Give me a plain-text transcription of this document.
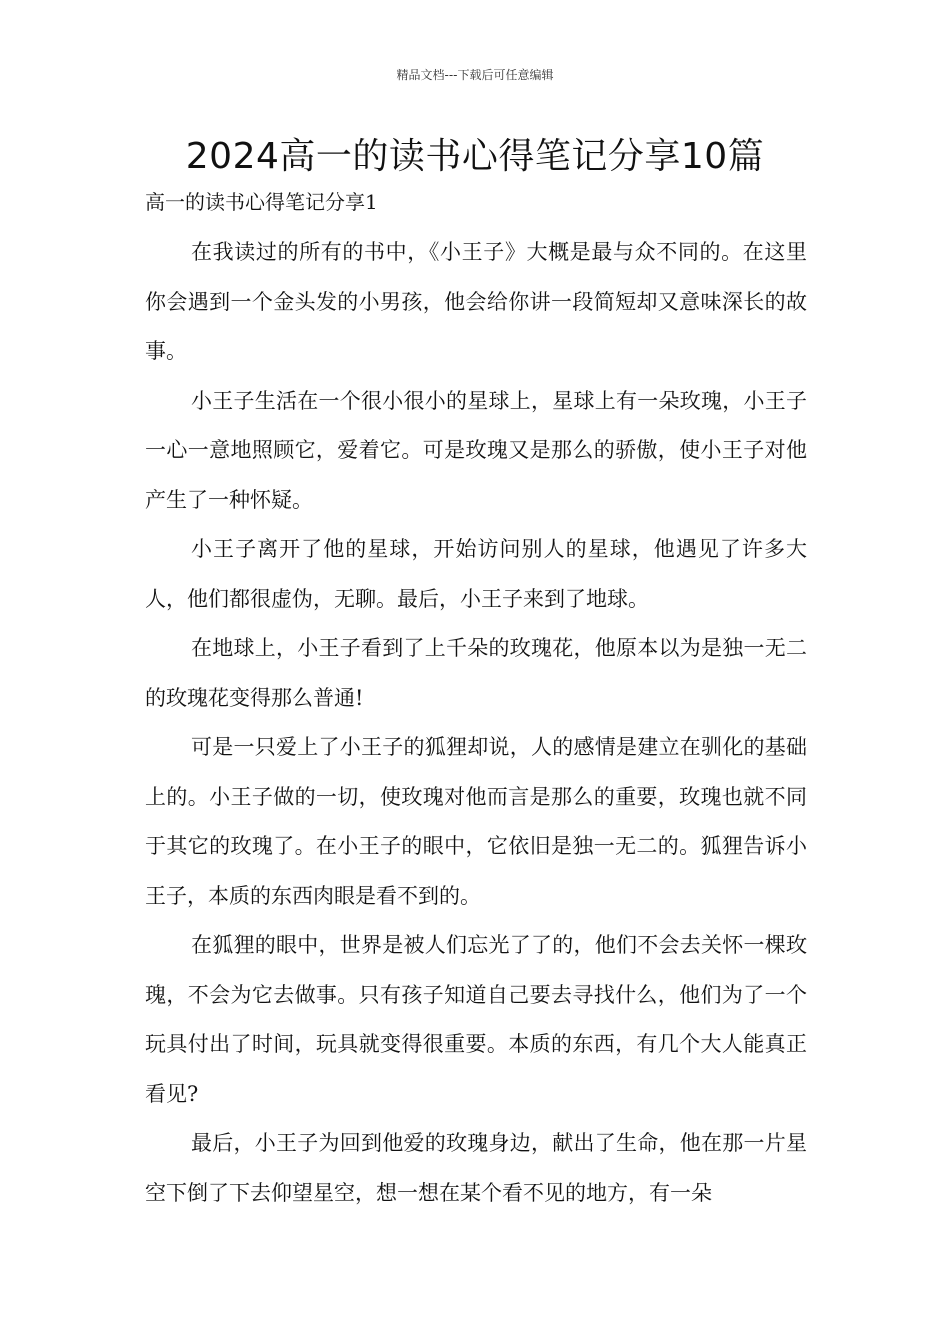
精品文档---下载后可任意编辑
2024高一的读书心得笔记分享10篇
高一的读书心得笔记分享1

在我读过的所有的书中，《小王子》大概是最与众不同的。在这里你会遇到一个金头发的小男孩，他会给你讲一段简短却又意味深长的故事。

小王子生活在一个很小很小的星球上，星球上有一朵玫瑰，小王子一心一意地照顾它，爱着它。可是玫瑰又是那么的骄傲，使小王子对他产生了一种怀疑。

小王子离开了他的星球，开始访问别人的星球，他遇见了许多大人，他们都很虚伪，无聊。最后，小王子来到了地球。

在地球上，小王子看到了上千朵的玫瑰花，他原本以为是独一无二的玫瑰花变得那么普通!

可是一只爱上了小王子的狐狸却说，人的感情是建立在驯化的基础上的。小王子做的一切，使玫瑰对他而言是那么的重要，玫瑰也就不同于其它的玫瑰了。在小王子的眼中，它依旧是独一无二的。狐狸告诉小王子，本质的东西肉眼是看不到的。

在狐狸的眼中，世界是被人们忘光了了的，他们不会去关怀一棵玫瑰，不会为它去做事。只有孩子知道自己要去寻找什么，他们为了一个玩具付出了时间，玩具就变得很重要。本质的东西，有几个大人能真正看见?

最后，小王子为回到他爱的玫瑰身边，献出了生命，他在那一片星空下倒了下去仰望星空，想一想在某个看不见的地方，有一朵
